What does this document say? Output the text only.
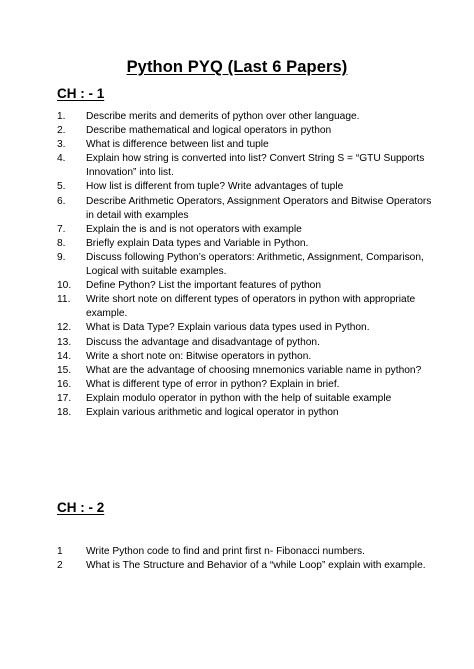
Python PYQ (Last 6 Papers)
CH : - 1
1.	Describe merits and demerits of python over other language.
2.	Describe mathematical and logical operators in python
3.	What is difference between list and tuple
4.	Explain how string is converted into list? Convert String S = “GTU Supports Innovation” into list.
5.	How list is different from tuple? Write advantages of tuple
6.	Describe Arithmetic Operators, Assignment Operators and Bitwise Operators in detail with examples
7.	Explain the is and is not operators with example
8.	Briefly explain Data types and Variable in Python.
9.	Discuss following Python’s operators: Arithmetic, Assignment, Comparison, Logical with suitable examples.
10.	Define Python? List the important features of python
11.	Write short note on different types of operators in python with appropriate example.
12.	What is Data Type? Explain various data types used in Python.
13.	Discuss the advantage and disadvantage of python.
14.	Write a short note on: Bitwise operators in python.
15.	What are the advantage of choosing mnemonics variable name in python?
16.	What is different type of error in python? Explain in brief.
17.	Explain modulo operator in python with the help of suitable example
18.	Explain various arithmetic and logical operator in python
CH : - 2
1	Write Python code to find and print first n- Fibonacci numbers.
2	What is The Structure and Behavior of a “while Loop” explain with example.
